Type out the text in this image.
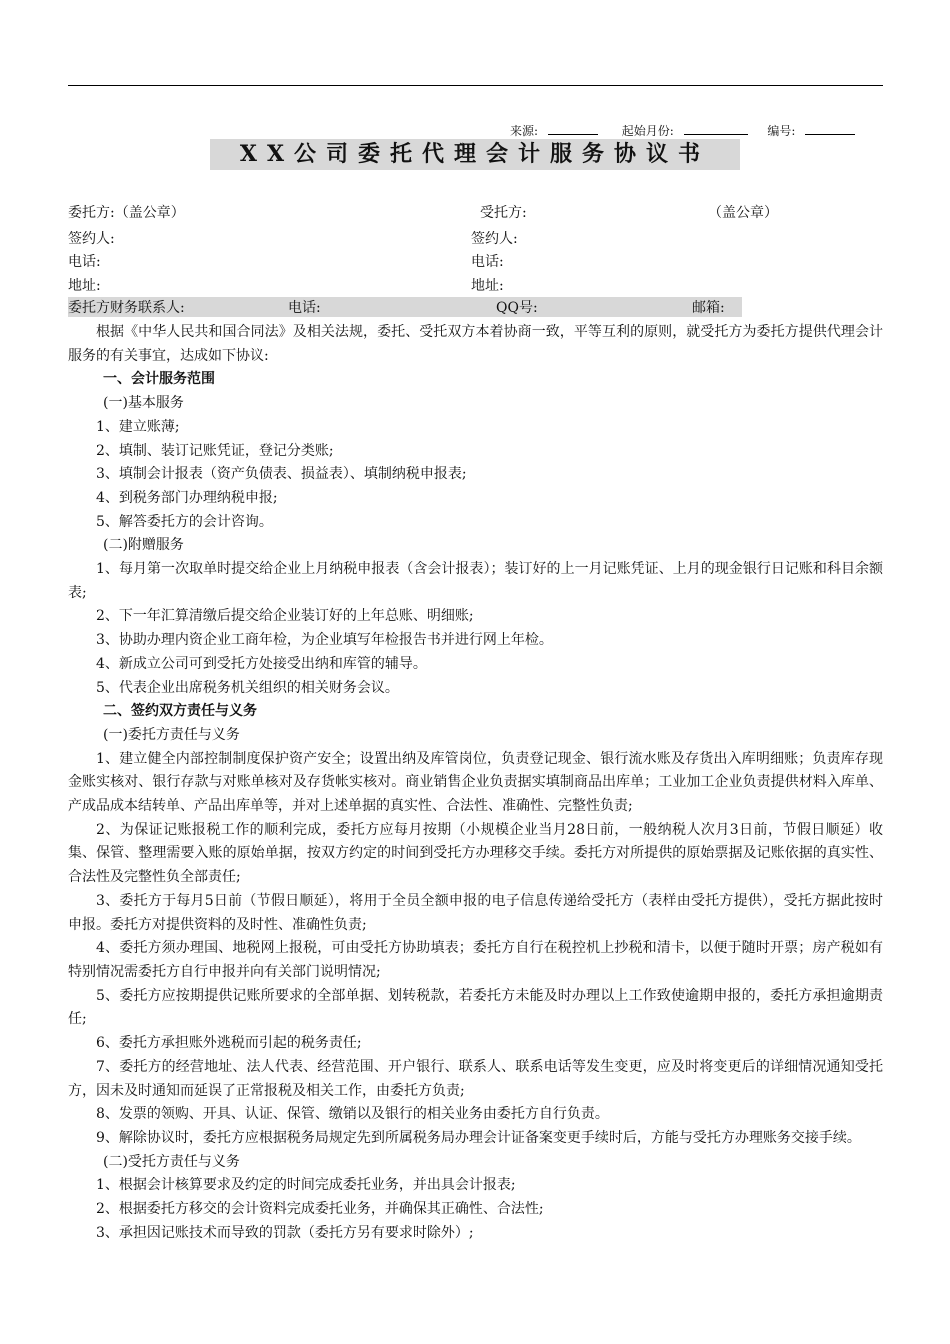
来源:	起始月份:	编号:
XX公司委托代理会计服务协议书
委托方:（盖公章）	受托方:	（盖公章）
签约人:	签约人:
电话:	电话:
地址:	地址:
委托方财务联系人:	电话:	QQ号:	邮箱:

根据《中华人民共和国合同法》及相关法规，委托、受托双方本着协商一致，平等互利的原则，就受托方为委托方提供代理会计服务的有关事宜，达成如下协议:

一、会计服务范围

(一)基本服务

1、建立账薄;

2、填制、装订记账凭证，登记分类账;

3、填制会计报表（资产负债表、损益表）、填制纳税申报表;

4、到税务部门办理纳税申报;

5、解答委托方的会计咨询。

(二)附赠服务

1、每月第一次取单时提交给企业上月纳税申报表（含会计报表）；装订好的上一月记账凭证、上月的现金银行日记账和科目余额表;

2、下一年汇算清缴后提交给企业装订好的上年总账、明细账;

3、协助办理内资企业工商年检，为企业填写年检报告书并进行网上年检。

4、新成立公司可到受托方处接受出纳和库管的辅导。

5、代表企业出席税务机关组织的相关财务会议。

二、签约双方责任与义务

(一)委托方责任与义务

1、建立健全内部控制制度保护资产安全；设置出纳及库管岗位，负责登记现金、银行流水账及存货出入库明细账；负责库存现金账实核对、银行存款与对账单核对及存货帐实核对。商业销售企业负责据实填制商品出库单；工业加工企业负责提供材料入库单、产成品成本结转单、产品出库单等，并对上述单据的真实性、合法性、准确性、完整性负责;

2、为保证记账报税工作的顺利完成，委托方应每月按期（小规模企业当月28日前，一般纳税人次月3日前，节假日顺延）收集、保管、整理需要入账的原始单据，按双方约定的时间到受托方办理移交手续。委托方对所提供的原始票据及记账依据的真实性、合法性及完整性负全部责任;

3、委托方于每月5日前（节假日顺延），将用于全员全额申报的电子信息传递给受托方（表样由受托方提供），受托方据此按时申报。委托方对提供资料的及时性、准确性负责;

4、委托方须办理国、地税网上报税，可由受托方协助填表；委托方自行在税控机上抄税和清卡，以便于随时开票；房产税如有特别情况需委托方自行申报并向有关部门说明情况;

5、委托方应按期提供记账所要求的全部单据、划转税款，若委托方未能及时办理以上工作致使逾期申报的，委托方承担逾期责任;

6、委托方承担账外逃税而引起的税务责任;

7、委托方的经营地址、法人代表、经营范围、开户银行、联系人、联系电话等发生变更，应及时将变更后的详细情况通知受托方，因未及时通知而延误了正常报税及相关工作，由委托方负责;

8、发票的领购、开具、认证、保管、缴销以及银行的相关业务由委托方自行负责。

9、解除协议时，委托方应根据税务局规定先到所属税务局办理会计证备案变更手续时后，方能与受托方办理账务交接手续。

(二)受托方责任与义务

1、根据会计核算要求及约定的时间完成委托业务，并出具会计报表;

2、根据委托方移交的会计资料完成委托业务，并确保其正确性、合法性;

3、承担因记账技术而导致的罚款（委托方另有要求时除外）;
